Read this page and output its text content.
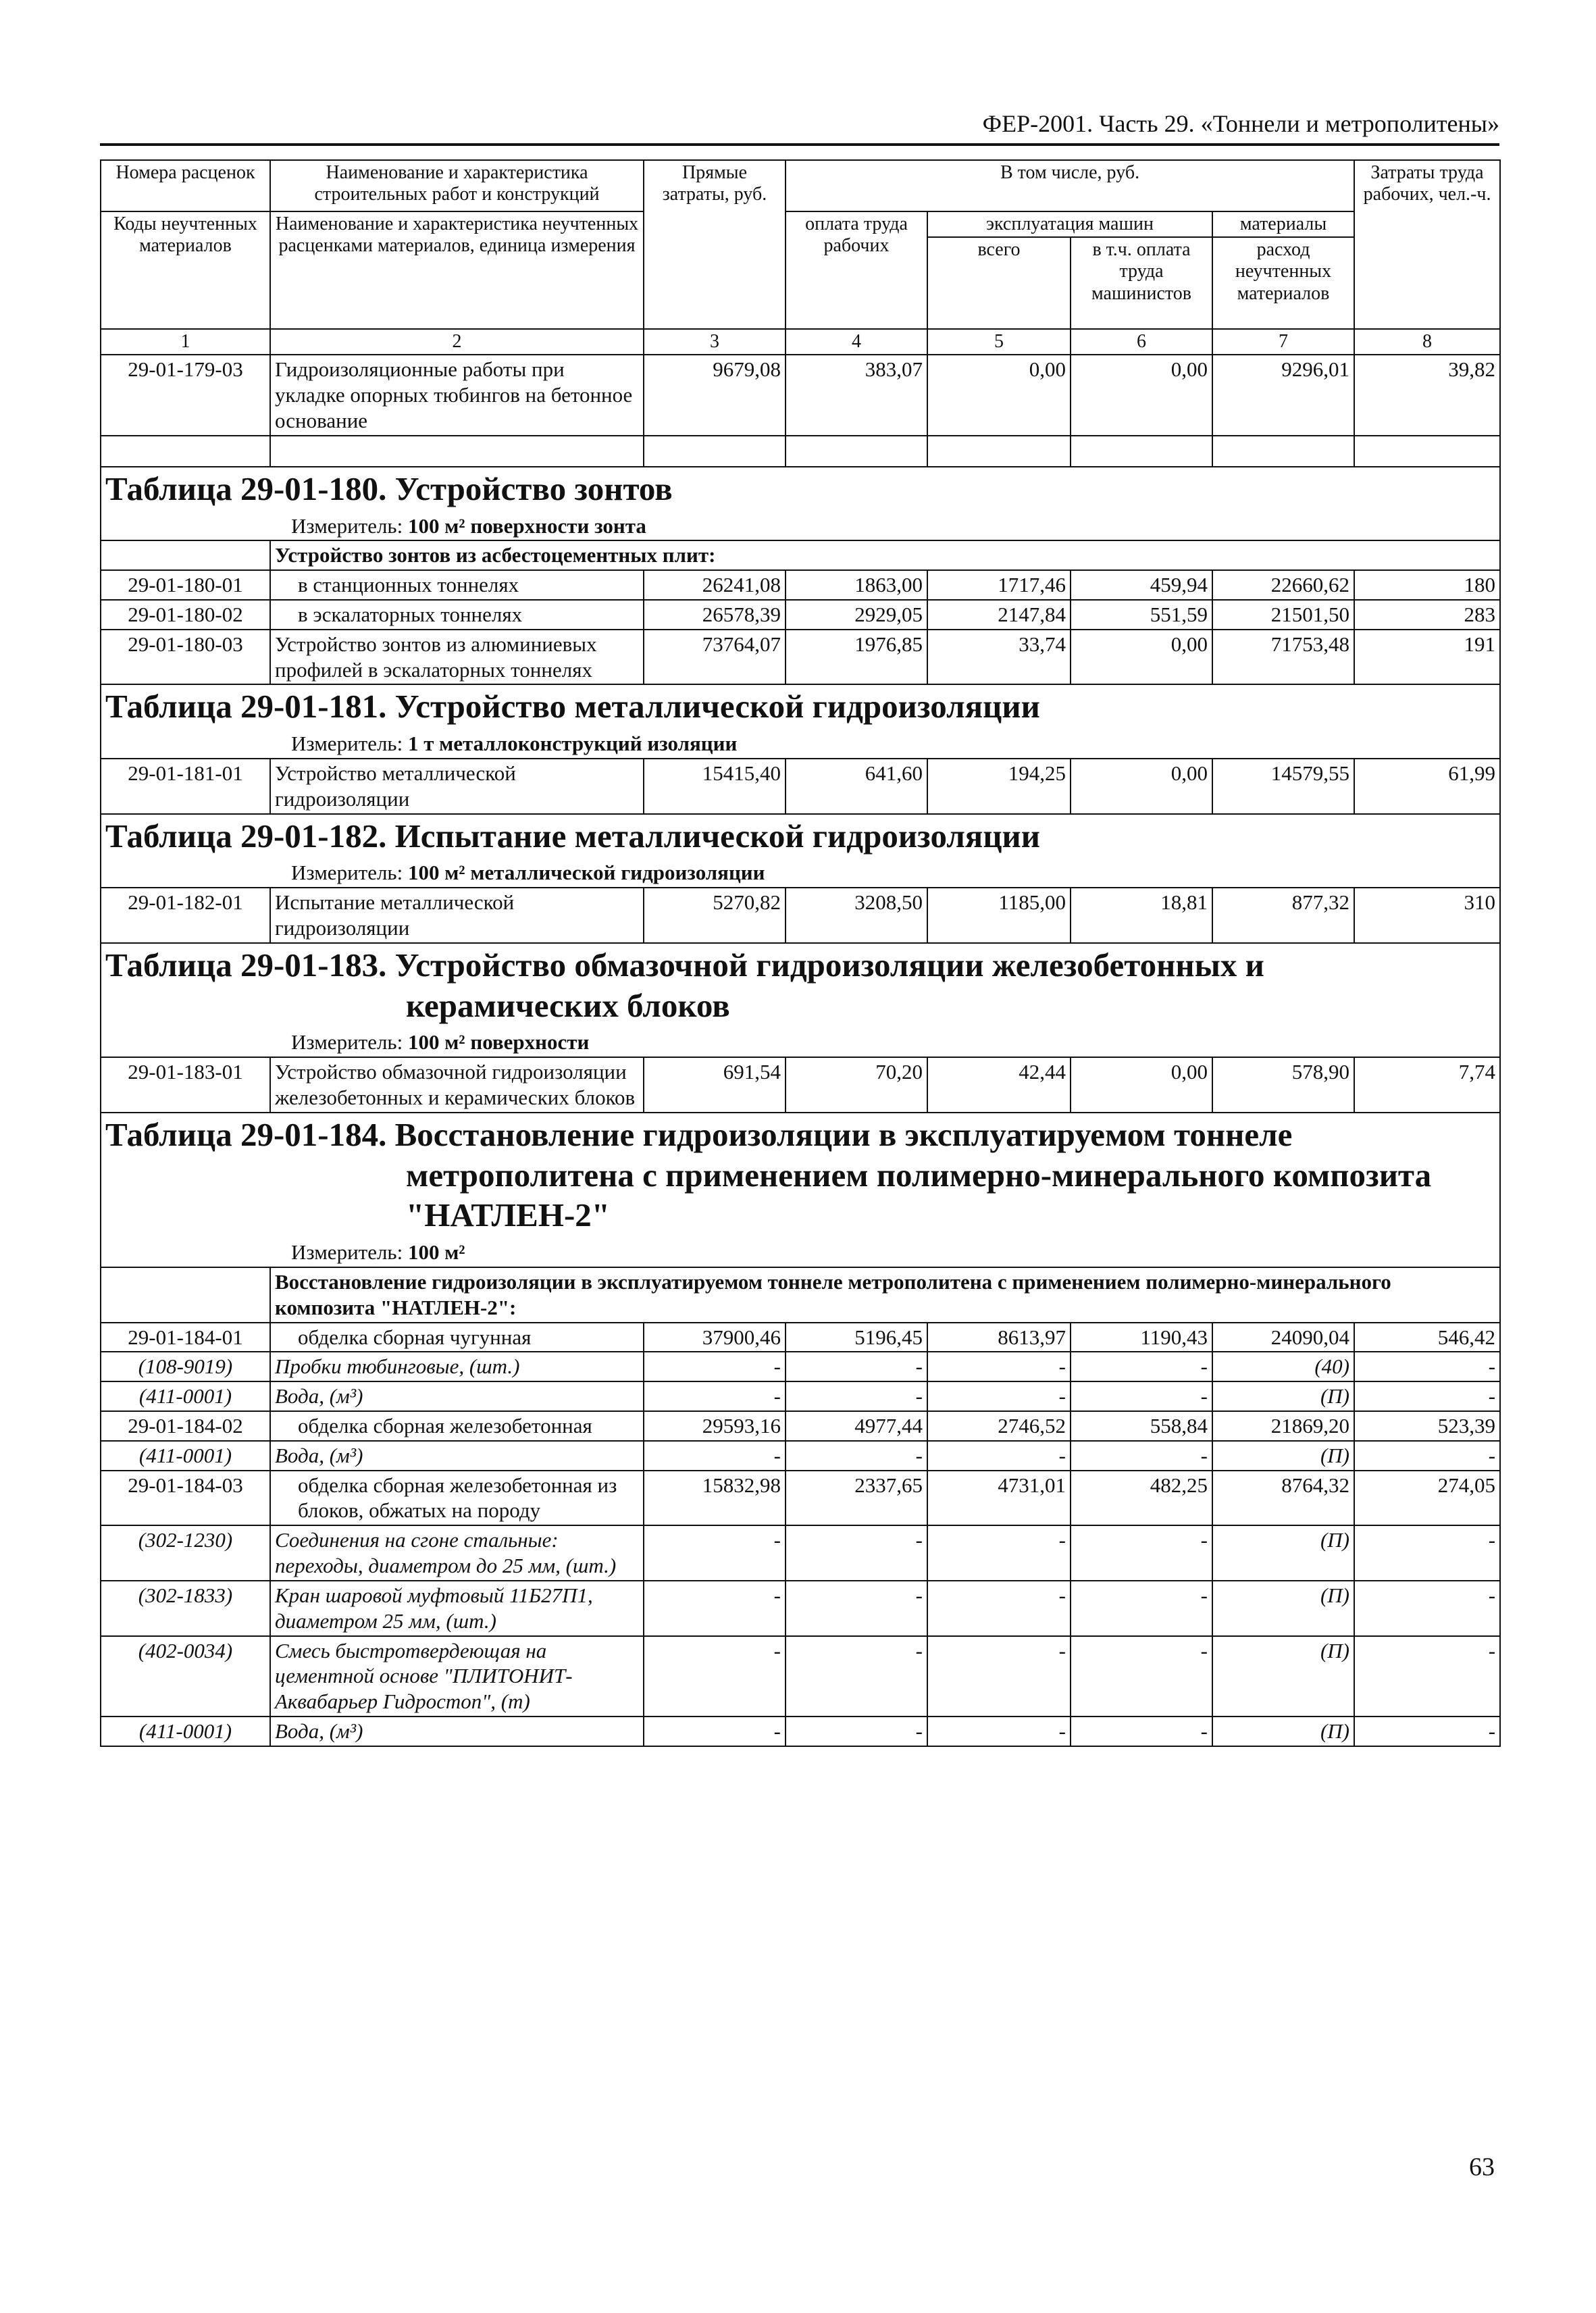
ФЕР-2001. Часть 29. «Тоннели и метрополитены»
Номера расценок	Наименование и характеристика строительных работ и конструкций	Прямые затраты, руб.	В том числе, руб.				Затраты труда рабочих, чел.-ч.
Коды неучтенных материалов	Наименование и характеристика неучтенных расценками материалов, единица измерения		оплата труда рабочих	эксплуатация машин		материалы	
				всего	в т.ч. оплата труда машинистов	расход неучтенных материалов	
1	2	3	4	5	6	7	8
29-01-179-03	Гидроизоляционные работы при укладке опорных тюбингов на бетонное основание	9679,08	383,07	0,00	0,00	9296,01	39,82

Таблица 29-01-180. Устройство зонтов
Измеритель: 100 м² поверхности зонта							

	Устройство зонтов из асбестоцементных плит:						
29-01-180-01	в станционных тоннелях	26241,08	1863,00	1717,46	459,94	22660,62	180
29-01-180-02	в эскалаторных тоннелях	26578,39	2929,05	2147,84	551,59	21501,50	283
29-01-180-03	Устройство зонтов из алюминиевых профилей в эскалаторных тоннелях	73764,07	1976,85	33,74	0,00	71753,48	191

Таблица 29-01-181. Устройство металлической гидроизоляции
Измеритель: 1 т металлоконструкций изоляции							

29-01-181-01	Устройство металлической гидроизоляции	15415,40	641,60	194,25	0,00	14579,55	61,99

Таблица 29-01-182. Испытание металлической гидроизоляции
Измеритель: 100 м² металлической гидроизоляции							

29-01-182-01	Испытание металлической гидроизоляции	5270,82	3208,50	1185,00	18,81	877,32	310

Таблица 29-01-183. Устройство обмазочной гидроизоляции железобетонных и
керамических блоков
Измеритель: 100 м² поверхности							

29-01-183-01	Устройство обмазочной гидроизоляции железобетонных и керамических блоков	691,54	70,20	42,44	0,00	578,90	7,74

Таблица 29-01-184. Восстановление гидроизоляции в эксплуатируемом тоннеле
метрополитена с применением полимерно-минерального композита
"НАТЛЕН-2"
Измеритель: 100 м²							

	Восстановление гидроизоляции в эксплуатируемом тоннеле метрополитена с применением полимерно-минерального композита "НАТЛЕН-2":						
29-01-184-01	обделка сборная чугунная	37900,46	5196,45	8613,97	1190,43	24090,04	546,42
(108-9019)	Пробки тюбинговые, (шт.)	-	-	-	-	(40)	-
(411-0001)	Вода, (м³)	-	-	-	-	(П)	-
29-01-184-02	обделка сборная железобетонная	29593,16	4977,44	2746,52	558,84	21869,20	523,39
(411-0001)	Вода, (м³)	-	-	-	-	(П)	-
29-01-184-03	обделка сборная железобетонная из блоков, обжатых на породу	15832,98	2337,65	4731,01	482,25	8764,32	274,05
(302-1230)	Соединения на сгоне стальные: переходы, диаметром до 25 мм, (шт.)	-	-	-	-	(П)	-
(302-1833)	Кран шаровой муфтовый 11Б27П1, диаметром 25 мм, (шт.)	-	-	-	-	(П)	-
(402-0034)	Смесь быстротвердеющая на цементной основе "ПЛИТОНИТ-Аквабарьер Гидростоп", (т)	-	-	-	-	(П)	-
(411-0001)	Вода, (м³)	-	-	-	-	(П)	-
63
